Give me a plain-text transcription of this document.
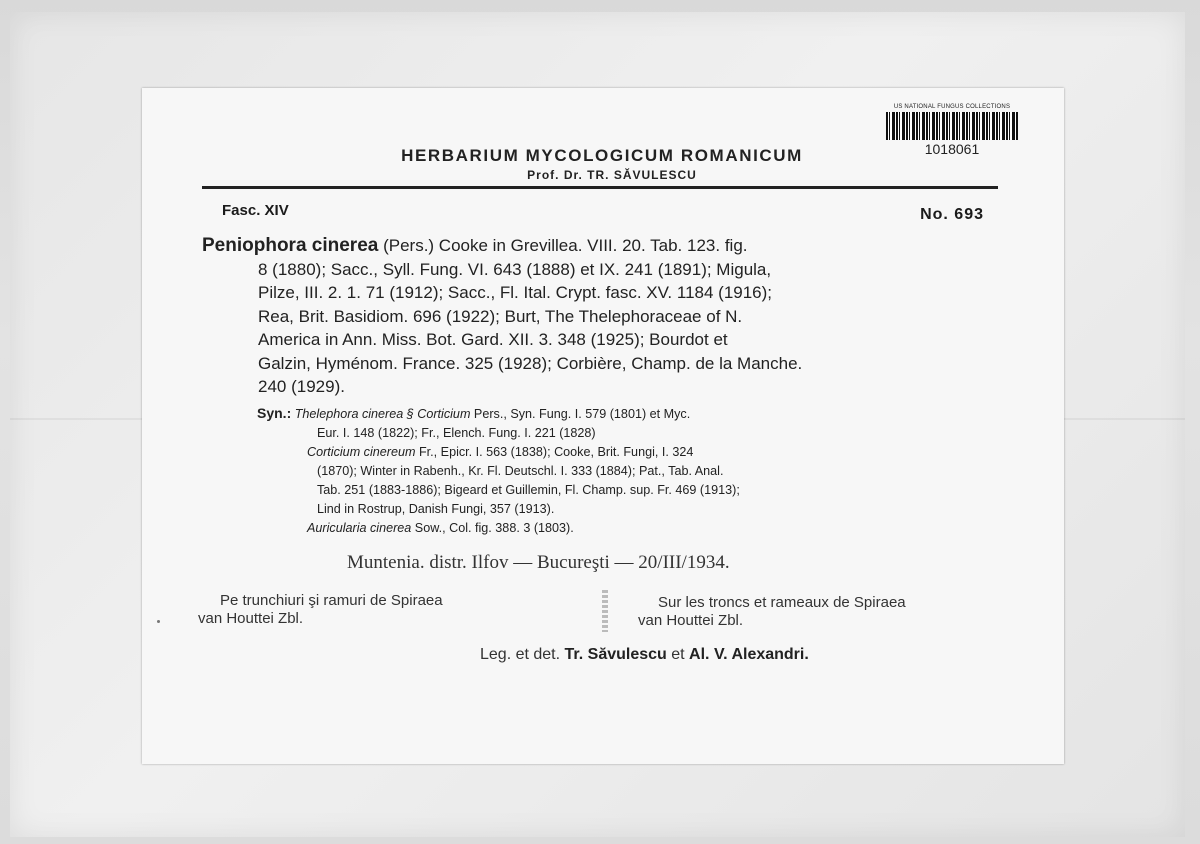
US NATIONAL FUNGUS COLLECTIONS
1018061
HERBARIUM MYCOLOGICUM ROMANICUM
Prof. Dr. TR. SĂVULESCU
Fasc. XIV	No. 693
Peniophora cinerea (Pers.) Cooke in Grevillea. VIII. 20. Tab. 123. fig.
8 (1880); Sacc., Syll. Fung. VI. 643 (1888) et IX. 241 (1891); Migula,
Pilze, III. 2. 1. 71 (1912); Sacc., Fl. Ital. Crypt. fasc. XV. 1184 (1916);
Rea, Brit. Basidiom. 696 (1922); Burt, The Thelephoraceae of N.
America in Ann. Miss. Bot. Gard. XII. 3. 348 (1925); Bourdot et
Galzin, Hyménom. France. 325 (1928); Corbière, Champ. de la Manche.
240 (1929).
Syn.: Thelephora cinerea § Corticium Pers., Syn. Fung. I. 579 (1801) et Myc.
Eur. I. 148 (1822); Fr., Elench. Fung. I. 221 (1828)
Corticium cinereum Fr., Epicr. I. 563 (1838); Cooke, Brit. Fungi, I. 324
(1870); Winter in Rabenh., Kr. Fl. Deutschl. I. 333 (1884); Pat., Tab. Anal.
Tab. 251 (1883-1886); Bigeard et Guillemin, Fl. Champ. sup. Fr. 469 (1913);
Lind in Rostrup, Danish Fungi, 357 (1913).
Auricularia cinerea Sow., Col. fig. 388. 3 (1803).
Muntenia. distr. Ilfov — Bucureşti — 20/III/1934.
Pe trunchiuri şi ramuri de Spiraea
van Houttei Zbl.
Sur les troncs et rameaux de Spiraea
van Houttei Zbl.
Leg. et det. Tr. Săvulescu et Al. V. Alexandri.
